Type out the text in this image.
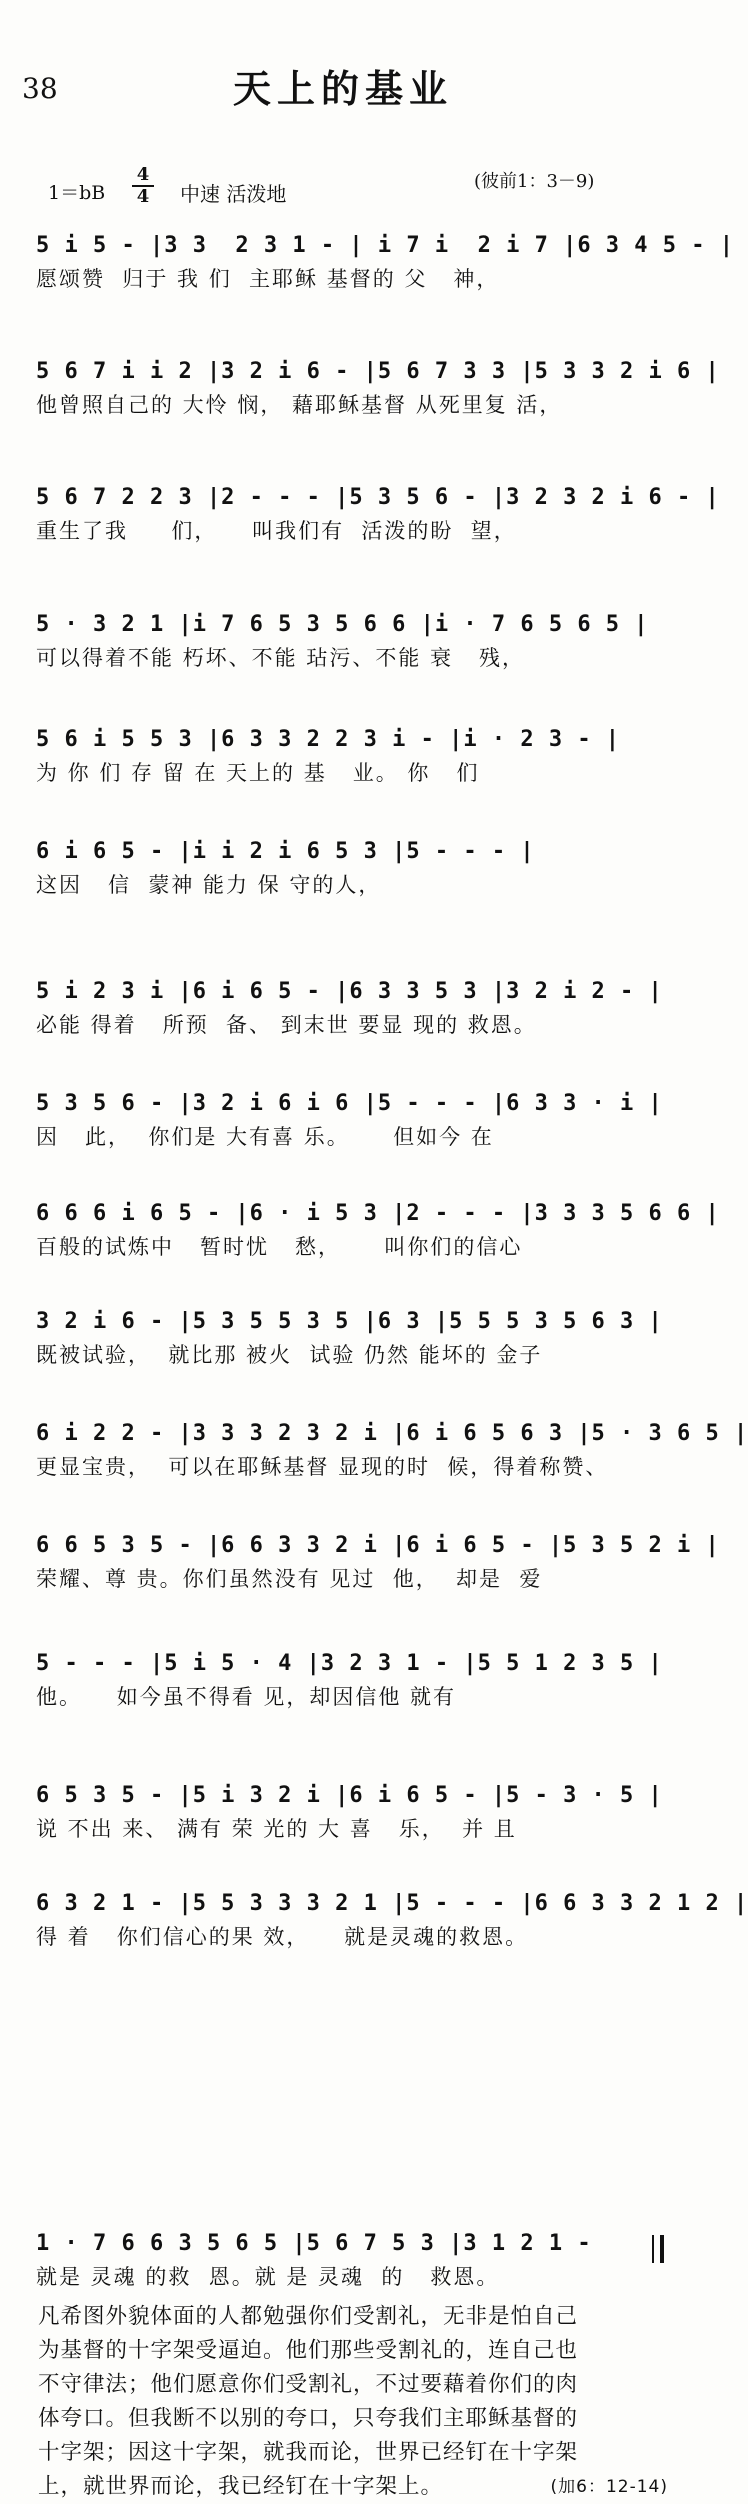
38	天上的基业
1＝bB
4
4 中速 活泼地
(彼前1：3－9)
5 i 5 - |3 3  2 3 1 - | i 7 i  2 i 7 |6 3 4 5 - |
愿颂赞  归于 我 们  主耶稣 基督的 父   神，
5 6 7 i i 2 |3 2 i 6 - |5 6 7 3 3 |5 3 3 2 i 6 |
他曾照自己的 大怜 悯， 藉耶稣基督 从死里复 活，
5 6 7 2 2 3 |2 - - - |5 3 5 6 - |3 2 3 2 i 6 - |
重生了我     们，    叫我们有  活泼的盼  望，
5 · 3 2 1 |i 7 6 5 3 5 6 6 |i · 7 6 5 6 5 |
可以得着不能 朽坏、不能 玷污、不能 衰   残，
5 6 i 5 5 3 |6 3 3 2 2 3 i - |i · 2 3 - |
为 你 们 存 留 在 天上的 基   业。 你   们
6 i 6 5 - |i i 2 i 6 5 3 |5 - - - |
这因   信  蒙神 能力 保 守的人，
5 i 2 3 i |6 i 6 5 - |6 3 3 5 3 |3 2 i 2 - |
必能 得着   所预  备、 到末世 要显 现的 救恩。
5 3 5 6 - |3 2 i 6 i 6 |5 - - - |6 3 3 · i |
因   此，  你们是 大有喜 乐。     但如今 在
6 6 6 i 6 5 - |6 · i 5 3 |2 - - - |3 3 3 5 6 6 |
百般的试炼中   暂时忧   愁，     叫你们的信心
3 2 i 6 - |5 3 5 5 3 5 |6 3 |5 5 5 3 5 6 3 |
既被试验，  就比那 被火  试验 仍然 能坏的 金子
6 i 2 2 - |3 3 3 2 3 2 i |6 i 6 5 6 3 |5 · 3 6 5 |
更显宝贵，  可以在耶稣基督 显现的时  候，得着称赞、
6 6 5 3 5 - |6 6 3 3 2 i |6 i 6 5 - |5 3 5 2 i |
荣耀、尊 贵。你们虽然没有 见过  他，  却是  爱
5 - - - |5 i 5 · 4 |3 2 3 1 - |5 5 1 2 3 5 |
他。    如今虽不得看 见，却因信他 就有
6 5 3 5 - |5 i 3 2 i |6 i 6 5 - |5 - 3 · 5 |
说 不出 来、 满有 荣 光的 大 喜   乐，  并 且
6 3 2 1 - |5 5 3 3 3 2 1 |5 - - - |6 6 3 3 2 1 2 |
得 着   你们信心的果 效，    就是灵魂的救恩。
1 · 7 6 6 3 5 6 5 |5 6 7 5 3 |3 1 2 1 -
就是 灵魂 的救  恩。就 是 灵魂  的   救恩。
凡希图外貌体面的人都勉强你们受割礼，无非是怕自己
为基督的十字架受逼迫。他们那些受割礼的，连自己也
不守律法；他们愿意你们受割礼，不过要藉着你们的肉
体夸口。但我断不以别的夸口，只夸我们主耶稣基督的
十字架；因这十字架，就我而论，世界已经钉在十字架
上，就世界而论，我已经钉在十字架上。	(加6：12-14)
